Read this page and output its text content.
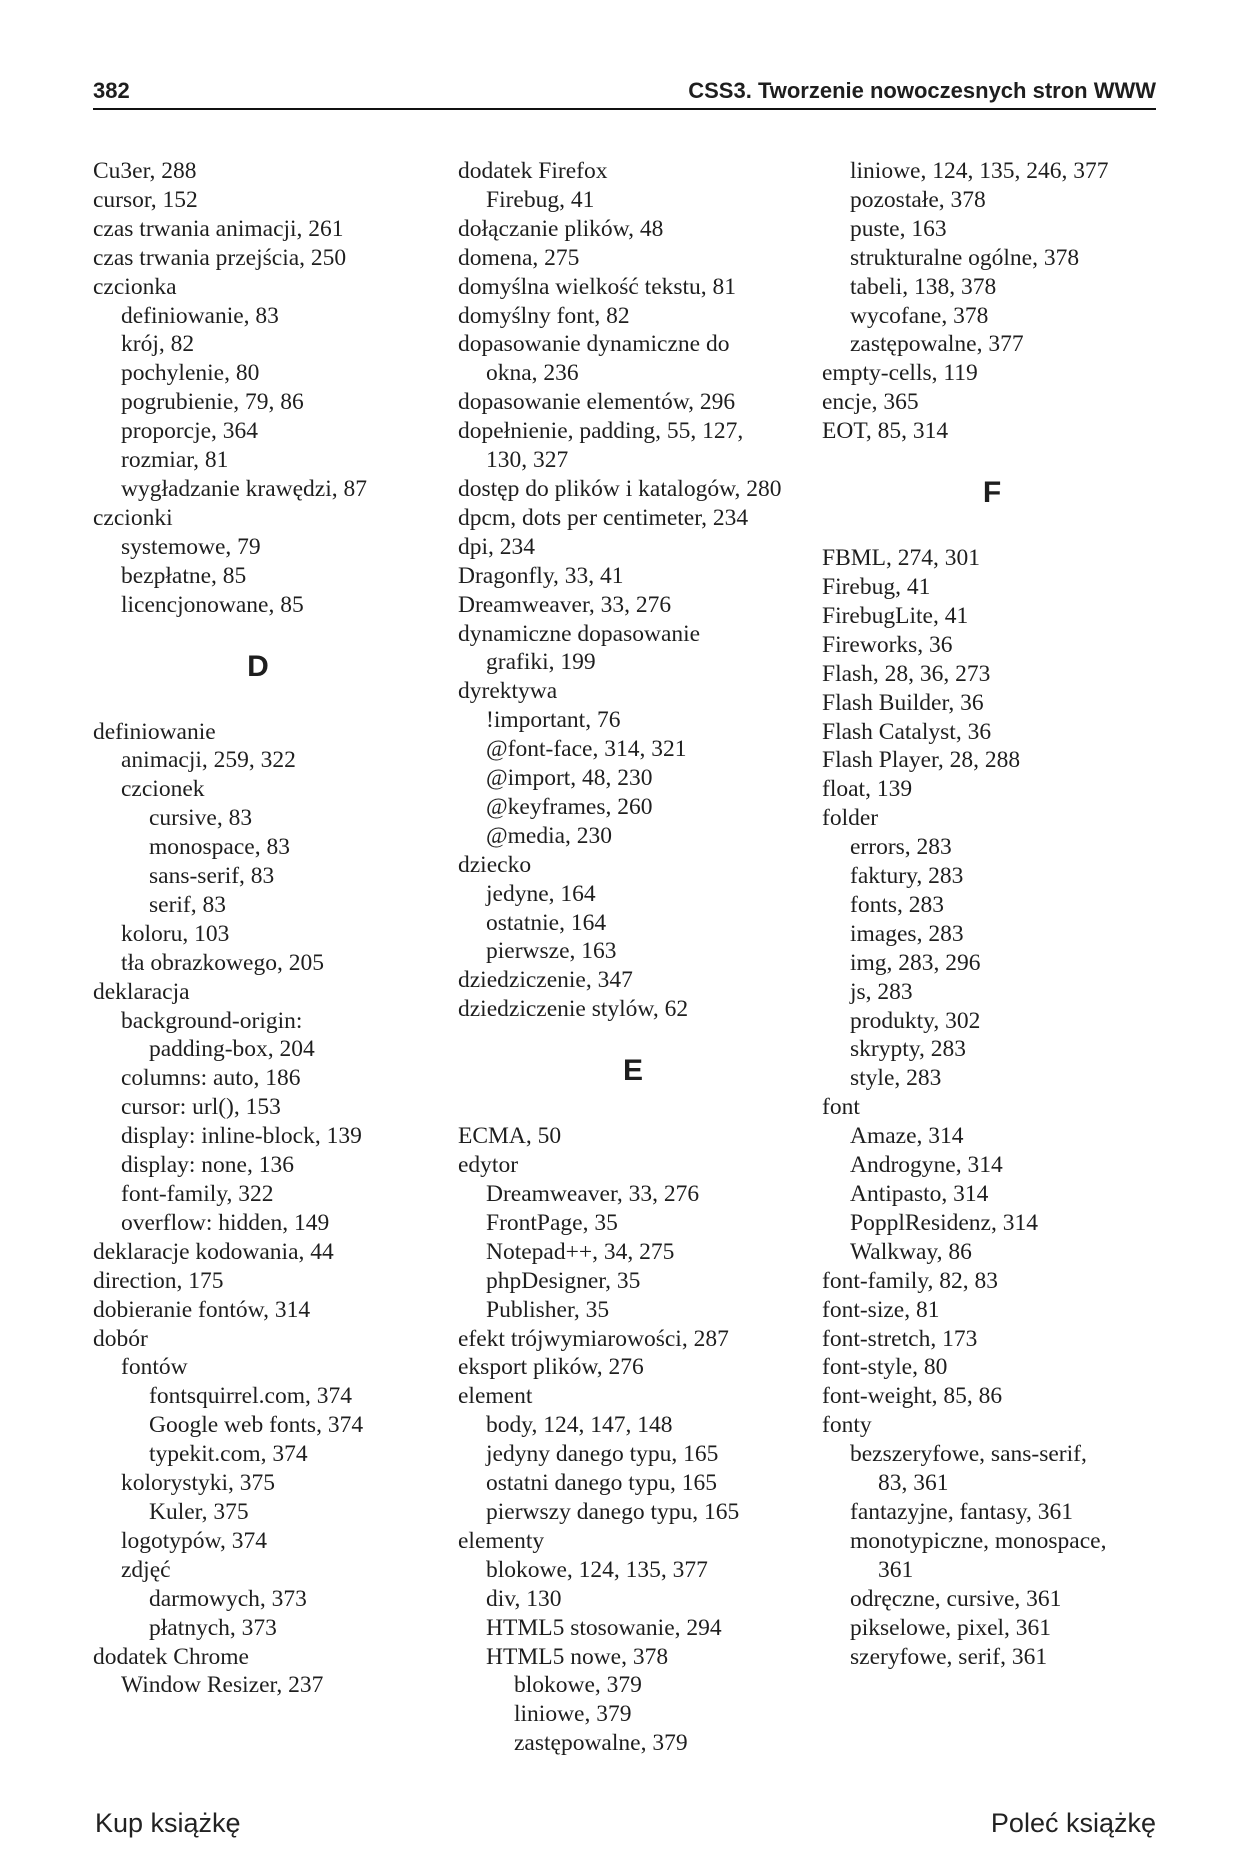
382	CSS3. Tworzenie nowoczesnych stron WWW
Cu3er, 288
cursor, 152
czas trwania animacji, 261
czas trwania przejścia, 250
czcionka
definiowanie, 83
krój, 82
pochylenie, 80
pogrubienie, 79, 86
proporcje, 364
rozmiar, 81
wygładzanie krawędzi, 87
czcionki
systemowe, 79
bezpłatne, 85
licencjonowane, 85
D
definiowanie
animacji, 259, 322
czcionek
cursive, 83
monospace, 83
sans-serif, 83
serif, 83
koloru, 103
tła obrazkowego, 205
deklaracja
background-origin:
padding-box, 204
columns: auto, 186
cursor: url(), 153
display: inline-block, 139
display: none, 136
font-family, 322
overflow: hidden, 149
deklaracje kodowania, 44
direction, 175
dobieranie fontów, 314
dobór
fontów
fontsquirrel.com, 374
Google web fonts, 374
typekit.com, 374
kolorystyki, 375
Kuler, 375
logotypów, 374
zdjęć
darmowych, 373
płatnych, 373
dodatek Chrome
Window Resizer, 237
dodatek Firefox
Firebug, 41
dołączanie plików, 48
domena, 275
domyślna wielkość tekstu, 81
domyślny font, 82
dopasowanie dynamiczne do
okna, 236
dopasowanie elementów, 296
dopełnienie, padding, 55, 127,
130, 327
dostęp do plików i katalogów, 280
dpcm, dots per centimeter, 234
dpi, 234
Dragonfly, 33, 41
Dreamweaver, 33, 276
dynamiczne dopasowanie
grafiki, 199
dyrektywa
!important, 76
@font-face, 314, 321
@import, 48, 230
@keyframes, 260
@media, 230
dziecko
jedyne, 164
ostatnie, 164
pierwsze, 163
dziedziczenie, 347
dziedziczenie stylów, 62
E
ECMA, 50
edytor
Dreamweaver, 33, 276
FrontPage, 35
Notepad++, 34, 275
phpDesigner, 35
Publisher, 35
efekt trójwymiarowości, 287
eksport plików, 276
element
body, 124, 147, 148
jedyny danego typu, 165
ostatni danego typu, 165
pierwszy danego typu, 165
elementy
blokowe, 124, 135, 377
div, 130
HTML5 stosowanie, 294
HTML5 nowe, 378
blokowe, 379
liniowe, 379
zastępowalne, 379
liniowe, 124, 135, 246, 377
pozostałe, 378
puste, 163
strukturalne ogólne, 378
tabeli, 138, 378
wycofane, 378
zastępowalne, 377
empty-cells, 119
encje, 365
EOT, 85, 314
F
FBML, 274, 301
Firebug, 41
FirebugLite, 41
Fireworks, 36
Flash, 28, 36, 273
Flash Builder, 36
Flash Catalyst, 36
Flash Player, 28, 288
float, 139
folder
errors, 283
faktury, 283
fonts, 283
images, 283
img, 283, 296
js, 283
produkty, 302
skrypty, 283
style, 283
font
Amaze, 314
Androgyne, 314
Antipasto, 314
PopplResidenz, 314
Walkway, 86
font-family, 82, 83
font-size, 81
font-stretch, 173
font-style, 80
font-weight, 85, 86
fonty
bezszeryfowe, sans-serif,
83, 361
fantazyjne, fantasy, 361
monotypiczne, monospace,
361
odręczne, cursive, 361
pikselowe, pixel, 361
szeryfowe, serif, 361
Kup książkę	Poleć książkę
